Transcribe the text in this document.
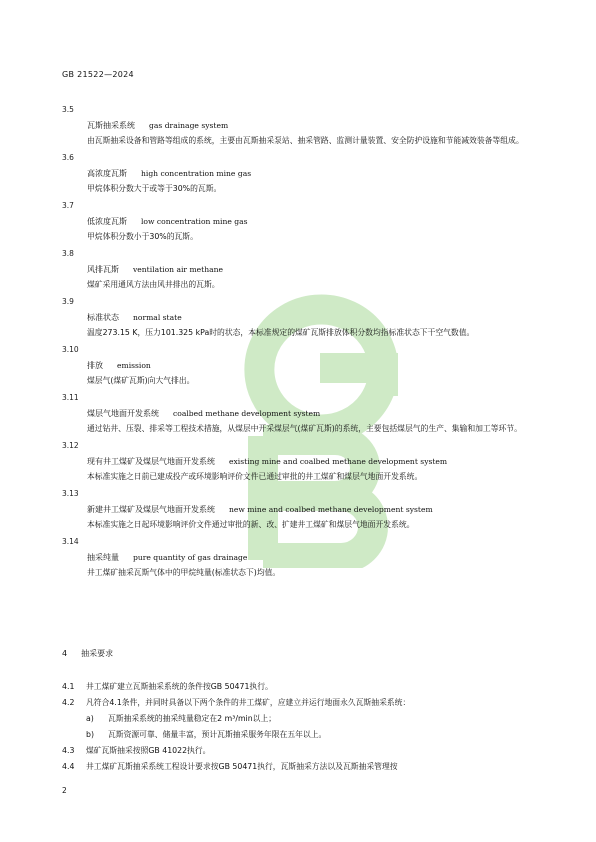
GB 21522—2024
3.5
瓦斯抽采系统 gas drainage system
由瓦斯抽采设备和管路等组成的系统，主要由瓦斯抽采泵站、抽采管路、监测计量装置、安全防护设施和节能减效装备等组成。
3.6
高浓度瓦斯 high concentration mine gas
甲烷体积分数大于或等于30%的瓦斯。
3.7
低浓度瓦斯 low concentration mine gas
甲烷体积分数小于30%的瓦斯。
3.8
风排瓦斯 ventilation air methane
煤矿采用通风方法由风井排出的瓦斯。
3.9
标准状态 normal state
温度273.15 K，压力101.325 kPa时的状态，本标准规定的煤矿瓦斯排放体积分数均指标准状态下干空气数值。
3.10
排放 emission
煤层气(煤矿瓦斯)向大气排出。
3.11
煤层气地面开发系统 coalbed methane development system
通过钻井、压裂、排采等工程技术措施，从煤层中开采煤层气(煤矿瓦斯)的系统，主要包括煤层气的生产、集输和加工等环节。
3.12
现有井工煤矿及煤层气地面开发系统 existing mine and coalbed methane development system
本标准实施之日前已建成投产或环境影响评价文件已通过审批的井工煤矿和煤层气地面开发系统。
3.13
新建井工煤矿及煤层气地面开发系统 new mine and coalbed methane development system
本标准实施之日起环境影响评价文件通过审批的新、改、扩建井工煤矿和煤层气地面开发系统。
3.14
抽采纯量 pure quantity of gas drainage
井工煤矿抽采瓦斯气体中的甲烷纯量(标准状态下)均值。
4 抽采要求
4.1 井工煤矿建立瓦斯抽采系统的条件按GB 50471执行。
4.2 凡符合4.1条件，并同时具备以下两个条件的井工煤矿，应建立并运行地面永久瓦斯抽采系统：
a) 瓦斯抽采系统的抽采纯量稳定在2 m³/min以上；
b) 瓦斯资源可靠、储量丰富，预计瓦斯抽采服务年限在五年以上。
4.3 煤矿瓦斯抽采按照GB 41022执行。
4.4 井工煤矿瓦斯抽采系统工程设计要求按GB 50471执行，瓦斯抽采方法以及瓦斯抽采管理按
2
